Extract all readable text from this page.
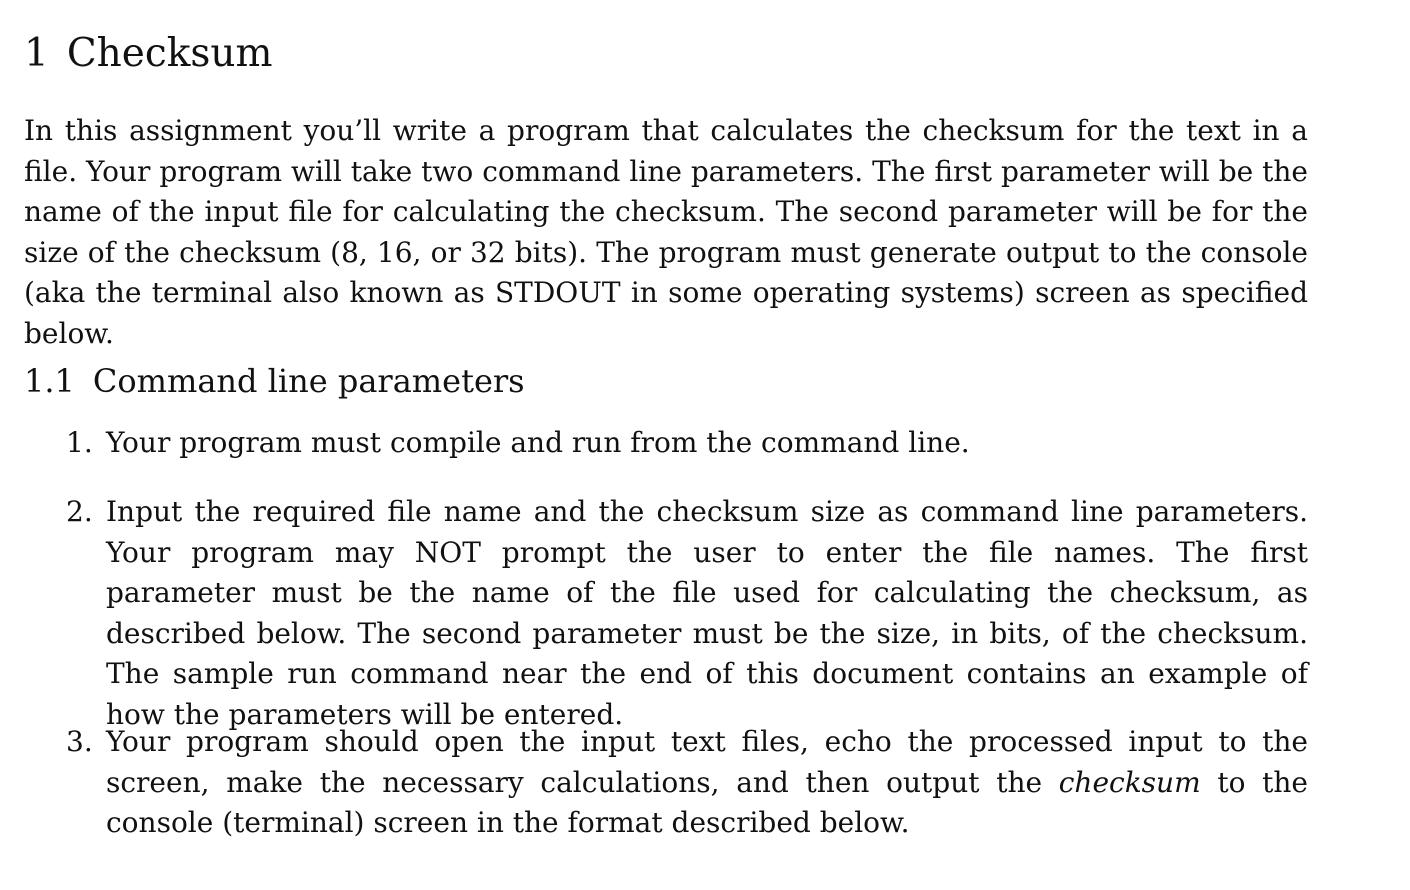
1 Checksum

In this assignment you’ll write a program that calculates the checksum for the text in a file. Your program will take two command line parameters. The first parameter will be the name of the input file for calculating the checksum. The second parameter will be for the size of the checksum (8, 16, or 32 bits). The program must generate output to the console (aka the terminal also known as STDOUT in some operating systems) screen as specified below.

1.1 Command line parameters
1. Your program must compile and run from the command line.
2. Input the required file name and the checksum size as command line parameters. Your program may NOT prompt the user to enter the file names. The first parameter must be the name of the file used for calculating the checksum, as described below. The second parameter must be the size, in bits, of the checksum. The sample run command near the end of this document contains an example of how the parameters will be entered.
3. Your program should open the input text files, echo the processed input to the screen, make the necessary calculations, and then output the checksum to the console (terminal) screen in the format described below.
